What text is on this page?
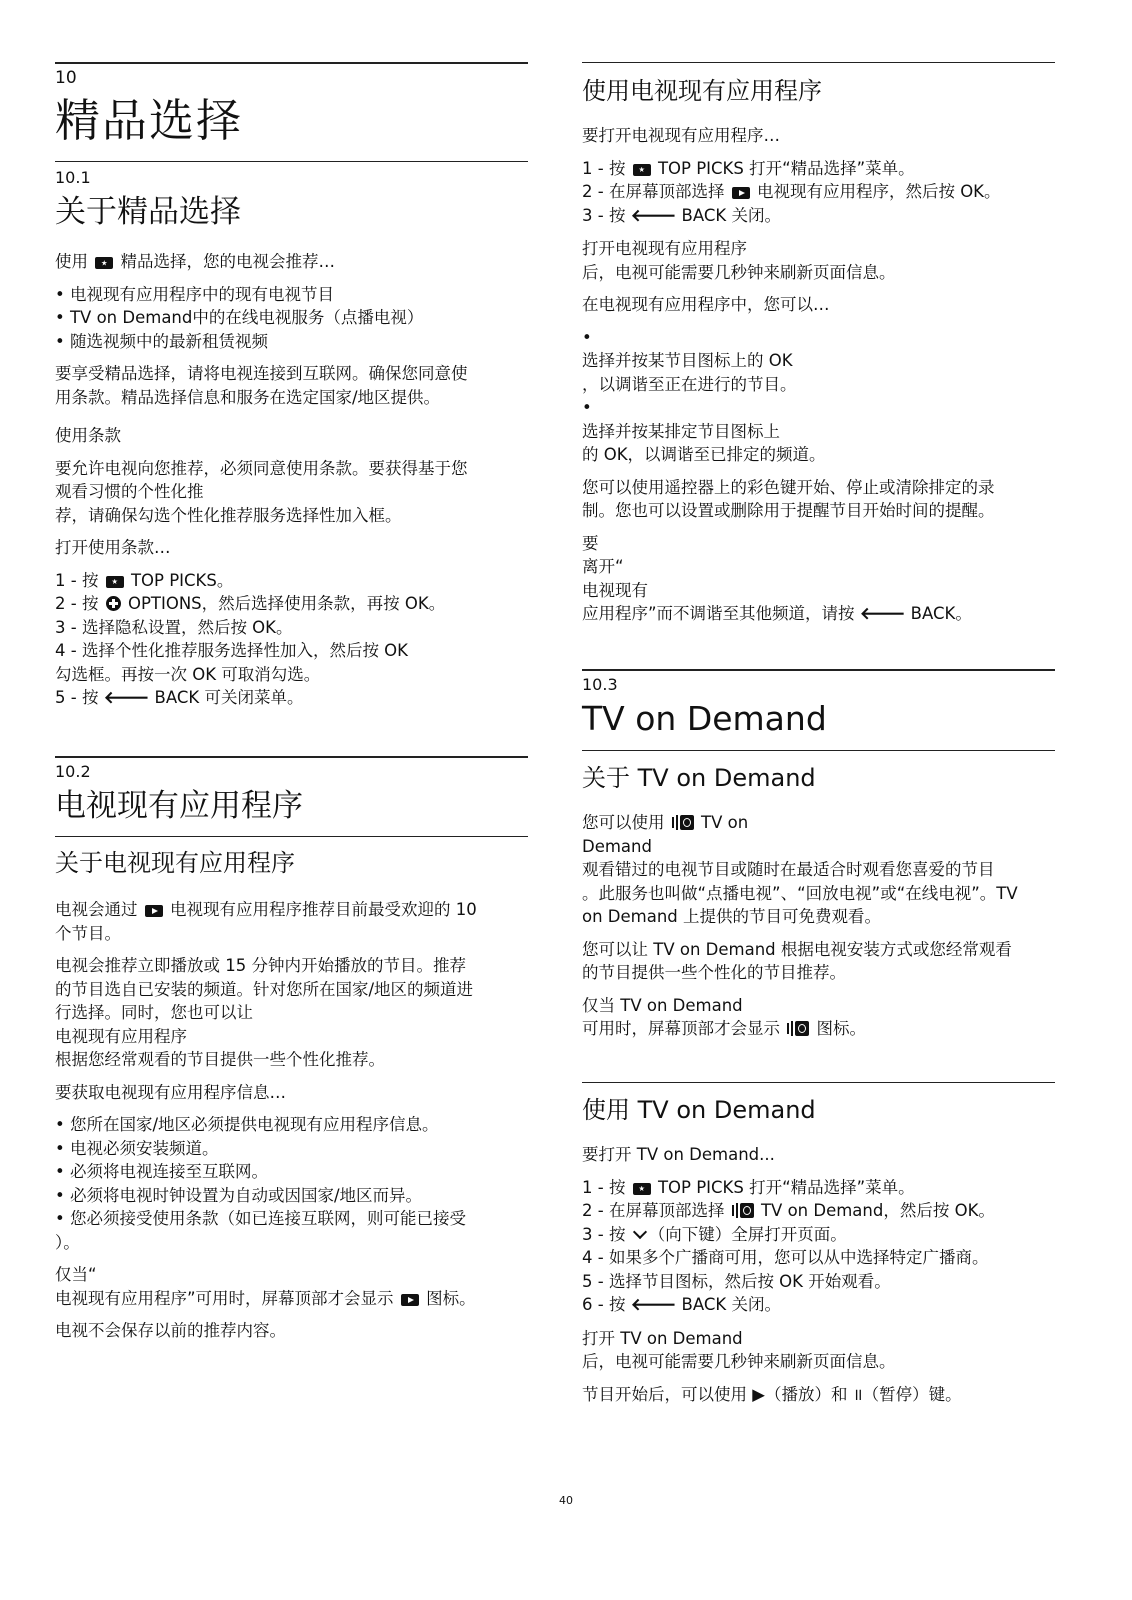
10
精品选择
10.1
关于精品选择

使用 精品选择，您的电视会推荐…

• 电视现有应用程序中的现有电视节目

• TV on Demand中的在线电视服务（点播电视）

• 随选视频中的最新租赁视频

要享受精品选择，请将电视连接到互联网。确保您同意使

用条款。精品选择信息和服务在选定国家/地区提供。

使用条款

要允许电视向您推荐，必须同意使用条款。要获得基于您

观看习惯的个性化推

荐，请确保勾选个性化推荐服务选择性加入框。

打开使用条款…

1 - 按 TOP PICKS。

2 - 按 OPTIONS，然后选择使用条款，再按 OK。

3 - 选择隐私设置，然后按 OK。

4 - 选择个性化推荐服务选择性加入，然后按 OK

勾选框。再按一次 OK 可取消勾选。

5 - 按 🡐 BACK 可关闭菜单。

10.2
电视现有应用程序
关于电视现有应用程序

电视会通过 电视现有应用程序推荐目前最受欢迎的 10

个节目。

电视会推荐立即播放或 15 分钟内开始播放的节目。推荐

的节目选自已安装的频道。针对您所在国家/地区的频道进

行选择。同时，您也可以让

电视现有应用程序

根据您经常观看的节目提供一些个性化推荐。

要获取电视现有应用程序信息…

• 您所在国家/地区必须提供电视现有应用程序信息。

• 电视必须安装频道。

• 必须将电视连接至互联网。

• 必须将电视时钟设置为自动或因国家/地区而异。

• 您必须接受使用条款（如已连接互联网，则可能已接受

）。

仅当“

电视现有应用程序”可用时，屏幕顶部才会显示 图标。

电视不会保存以前的推荐内容。

使用电视现有应用程序

要打开电视现有应用程序…

1 - 按 TOP PICKS 打开“精品选择”菜单。

2 - 在屏幕顶部选择 电视现有应用程序，然后按 OK。

3 - 按 🡐 BACK 关闭。

打开电视现有应用程序

后，电视可能需要几秒钟来刷新页面信息。

在电视现有应用程序中，您可以…

•

选择并按某节目图标上的 OK

，以调谐至正在进行的节目。

•

选择并按某排定节目图标上

的 OK，以调谐至已排定的频道。

您可以使用遥控器上的彩色键开始、停止或清除排定的录

制。您也可以设置或删除用于提醒节目开始时间的提醒。

要

离开“

电视现有

应用程序”而不调谐至其他频道，请按 🡐 BACK。

10.3
TV on Demand
关于 TV on Demand

您可以使用 TV on

Demand

观看错过的电视节目或随时在最适合时观看您喜爱的节目

。此服务也叫做“点播电视”、“回放电视”或“在线电视”。TV

on Demand 上提供的节目可免费观看。

您可以让 TV on Demand 根据电视安装方式或您经常观看

的节目提供一些个性化的节目推荐。

仅当 TV on Demand

可用时，屏幕顶部才会显示 图标。

使用 TV on Demand

要打开 TV on Demand...

1 - 按 TOP PICKS 打开“精品选择”菜单。

2 - 在屏幕顶部选择 TV on Demand，然后按 OK。

3 - 按 （向下键）全屏打开页面。

4 - 如果多个广播商可用，您可以从中选择特定广播商。

5 - 选择节目图标，然后按 OK 开始观看。

6 - 按 🡐 BACK 关闭。

打开 TV on Demand

后，电视可能需要几秒钟来刷新页面信息。

节目开始后，可以使用 ▶（播放）和 ॥（暂停）键。

40
